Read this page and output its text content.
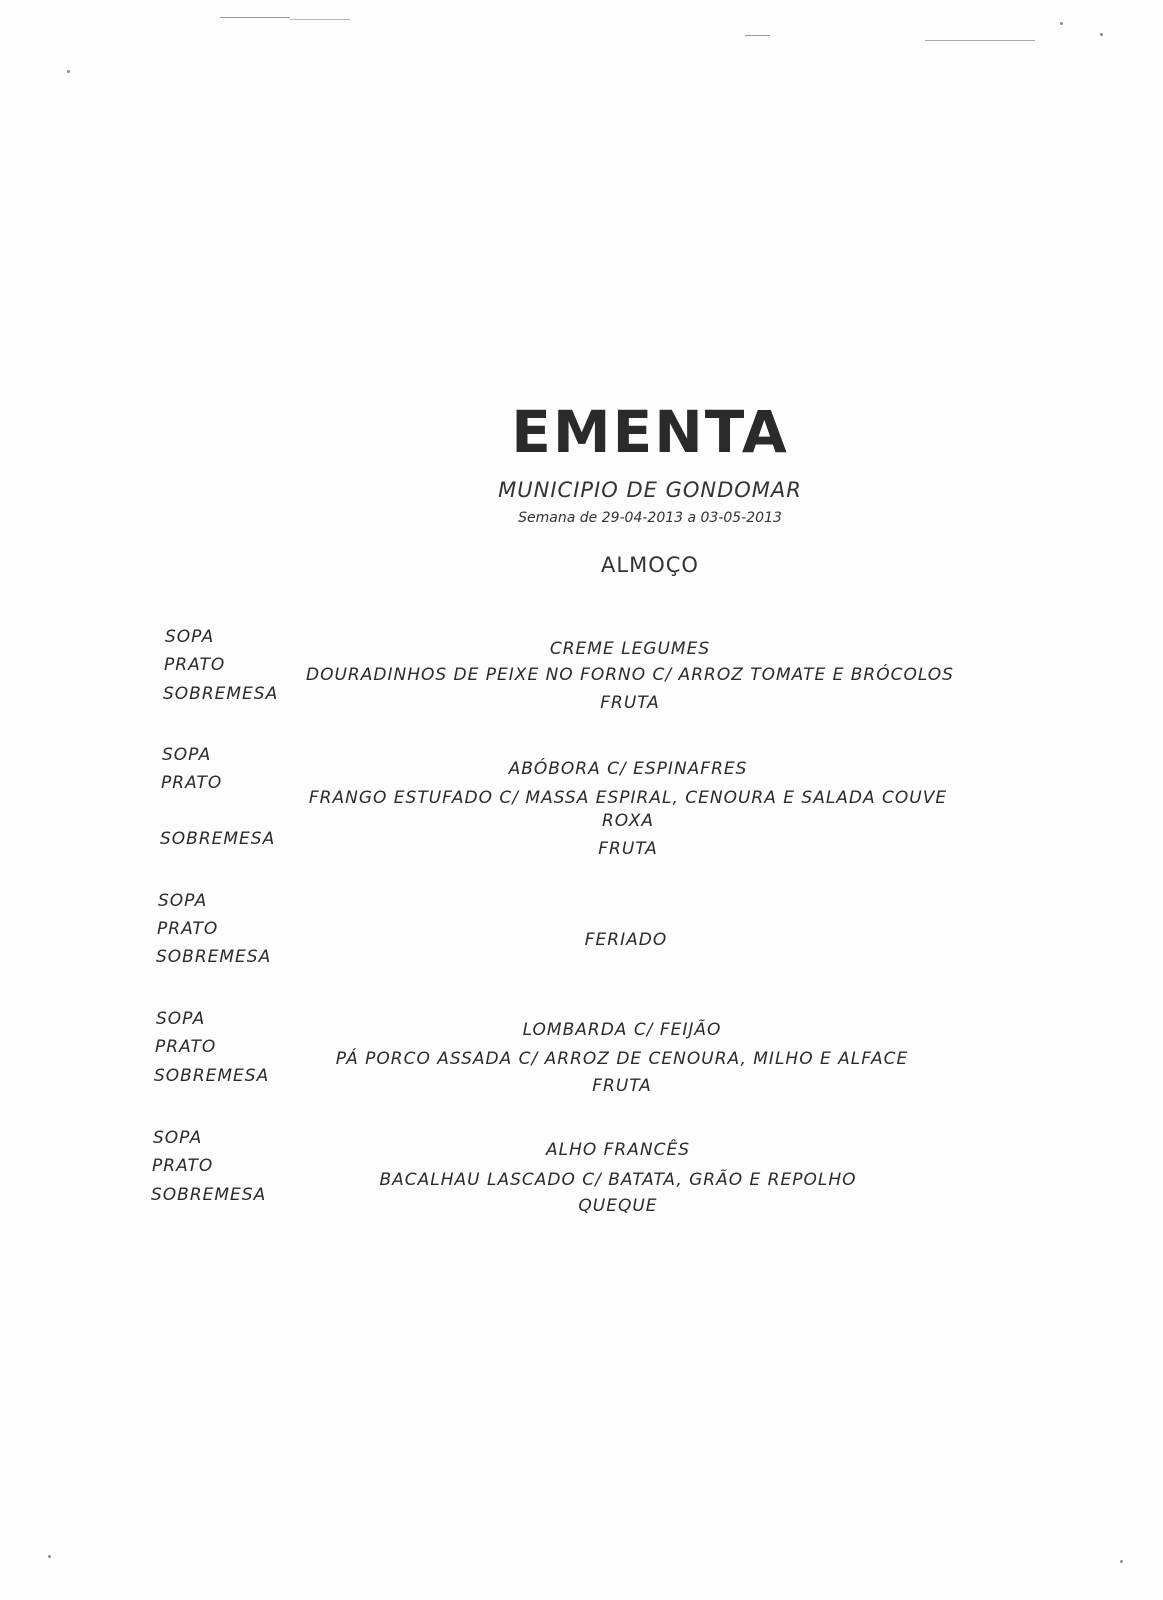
EMENTA
MUNICIPIO DE GONDOMAR
Semana de 29-04-2013 a 03-05-2013
ALMOÇO
SOPA
PRATO
SOBREMESA
CREME LEGUMES
DOURADINHOS DE PEIXE NO FORNO C/ ARROZ TOMATE E BRÓCOLOS
FRUTA
SOPA
PRATO
SOBREMESA
ABÓBORA C/ ESPINAFRES
FRANGO ESTUFADO C/ MASSA ESPIRAL, CENOURA E SALADA COUVE
ROXA
FRUTA
SOPA
PRATO
SOBREMESA
FERIADO
SOPA
PRATO
SOBREMESA
LOMBARDA C/ FEIJÃO
PÁ PORCO ASSADA C/ ARROZ DE CENOURA, MILHO E ALFACE
FRUTA
SOPA
PRATO
SOBREMESA
ALHO FRANCÊS
BACALHAU LASCADO C/ BATATA, GRÃO E REPOLHO
QUEQUE
